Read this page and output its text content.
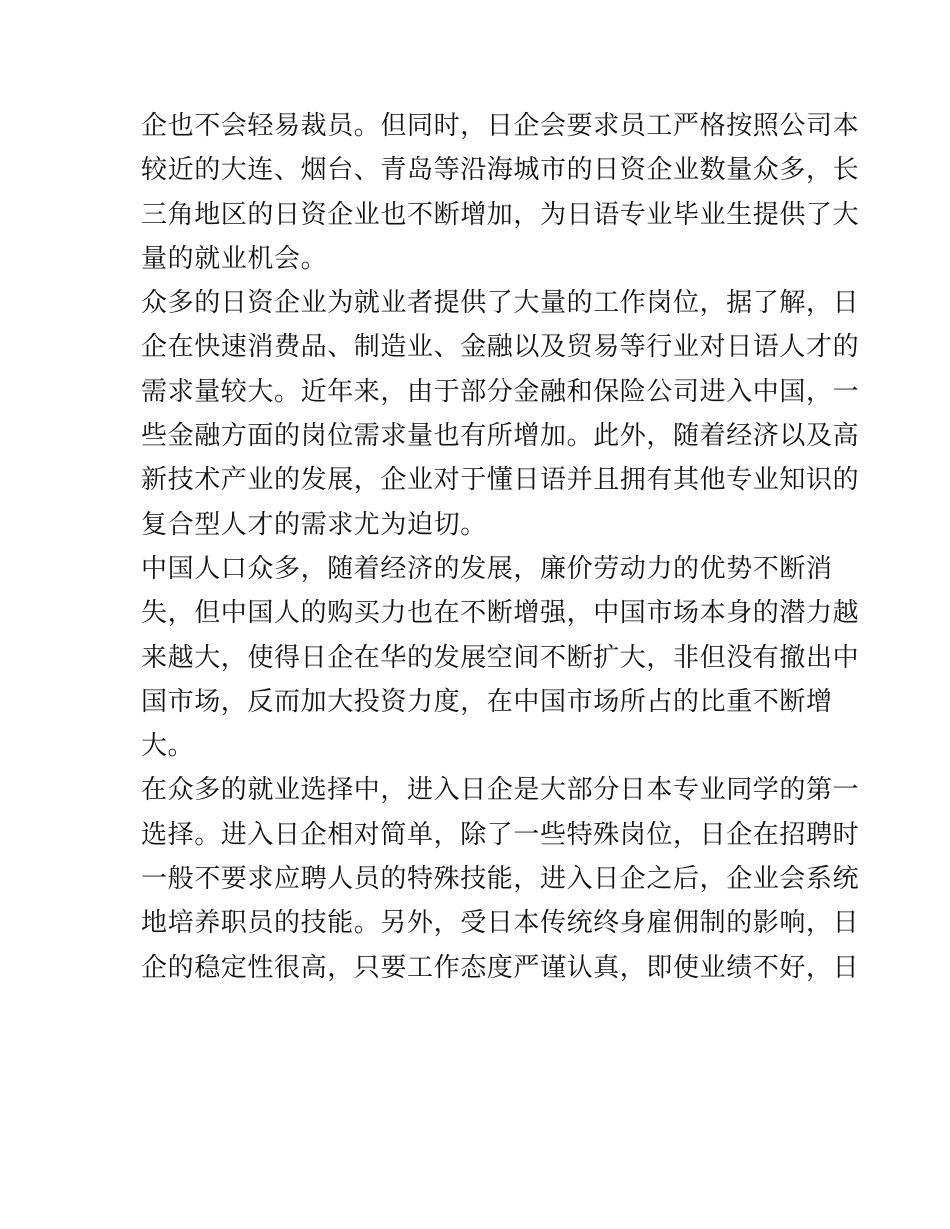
企也不会轻易裁员。但同时，日企会要求员工严格按照公司本
较近的大连、烟台、青岛等沿海城市的日资企业数量众多，长
三角地区的日资企业也不断增加，为日语专业毕业生提供了大
量的就业机会。
众多的日资企业为就业者提供了大量的工作岗位，据了解，日
企在快速消费品、制造业、金融以及贸易等行业对日语人才的
需求量较大。近年来，由于部分金融和保险公司进入中国，一
些金融方面的岗位需求量也有所增加。此外，随着经济以及高
新技术产业的发展，企业对于懂日语并且拥有其他专业知识的
复合型人才的需求尤为迫切。
中国人口众多，随着经济的发展，廉价劳动力的优势不断消
失，但中国人的购买力也在不断增强，中国市场本身的潜力越
来越大，使得日企在华的发展空间不断扩大，非但没有撤出中
国市场，反而加大投资力度，在中国市场所占的比重不断增
大。
在众多的就业选择中，进入日企是大部分日本专业同学的第一
选择。进入日企相对简单，除了一些特殊岗位，日企在招聘时
一般不要求应聘人员的特殊技能，进入日企之后，企业会系统
地培养职员的技能。另外，受日本传统终身雇佣制的影响，日
企的稳定性很高，只要工作态度严谨认真，即使业绩不好，日
